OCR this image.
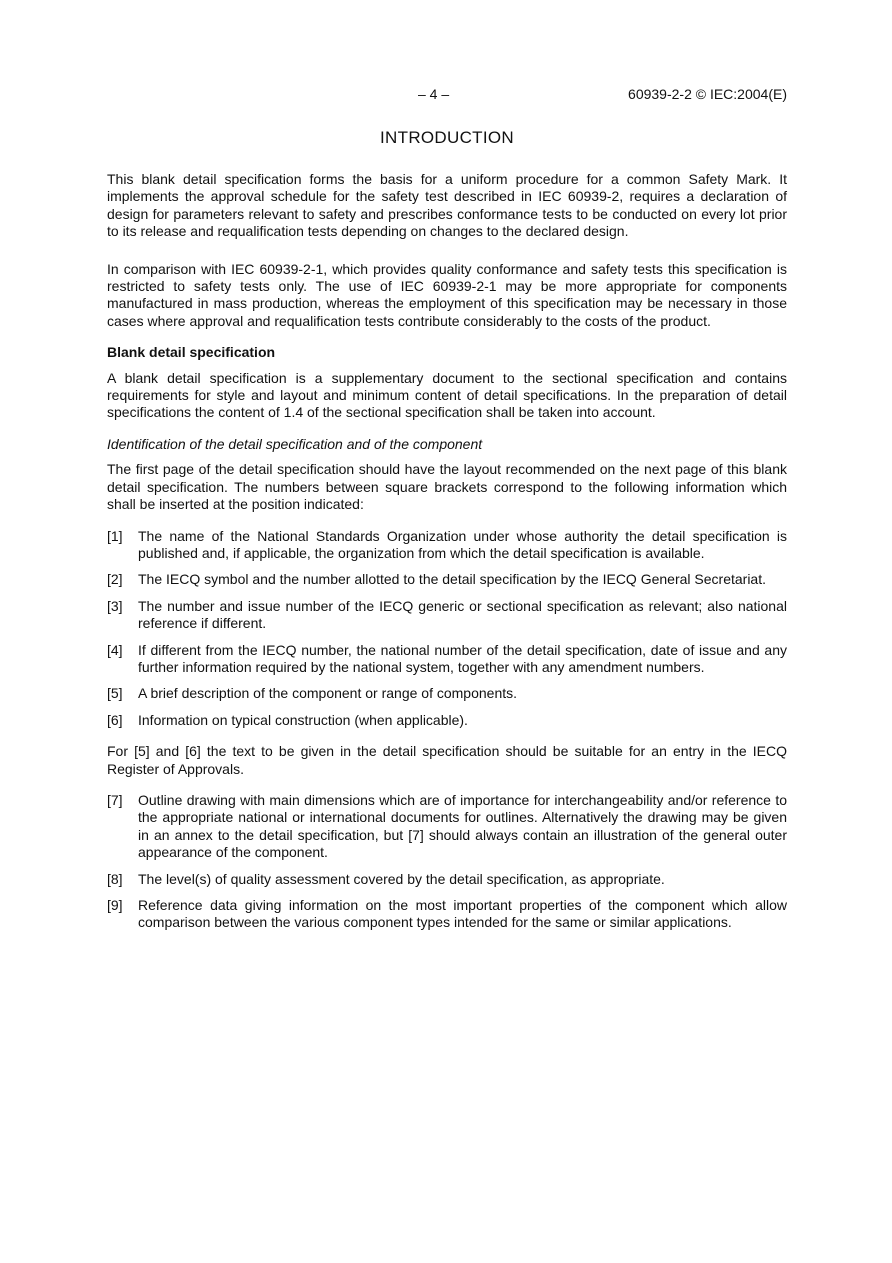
– 4 –	60939-2-2 © IEC:2004(E)
INTRODUCTION

This blank detail specification forms the basis for a uniform procedure for a common Safety Mark. It implements the approval schedule for the safety test described in IEC 60939-2, requires a declaration of design for parameters relevant to safety and prescribes conformance tests to be conducted on every lot prior to its release and requalification tests depending on changes to the declared design.

In comparison with IEC 60939-2-1, which provides quality conformance and safety tests this specification is restricted to safety tests only. The use of IEC 60939-2-1 may be more appropriate for components manufactured in mass production, whereas the employment of this specification may be necessary in those cases where approval and requalification tests contribute considerably to the costs of the product.

Blank detail specification

A blank detail specification is a supplementary document to the sectional specification and contains requirements for style and layout and minimum content of detail specifications. In the preparation of detail specifications the content of 1.4 of the sectional specification shall be taken into account.

Identification of the detail specification and of the component

The first page of the detail specification should have the layout recommended on the next page of this blank detail specification. The numbers between square brackets correspond to the following information which shall be inserted at the position indicated:

[1]	The name of the National Standards Organization under whose authority the detail specification is published and, if applicable, the organization from which the detail specification is available.
[2]	The IECQ symbol and the number allotted to the detail specification by the IECQ General Secretariat.
[3]	The number and issue number of the IECQ generic or sectional specification as relevant; also national reference if different.
[4]	If different from the IECQ number, the national number of the detail specification, date of issue and any further information required by the national system, together with any amendment numbers.
[5]	A brief description of the component or range of components.
[6]	Information on typical construction (when applicable).

For [5] and [6] the text to be given in the detail specification should be suitable for an entry in the IECQ Register of Approvals.

[7]	Outline drawing with main dimensions which are of importance for interchangeability and/or reference to the appropriate national or international documents for outlines. Alternatively the drawing may be given in an annex to the detail specification, but [7] should always contain an illustration of the general outer appearance of the component.
[8]	The level(s) of quality assessment covered by the detail specification, as appropriate.
[9]	Reference data giving information on the most important properties of the component which allow comparison between the various component types intended for the same or similar applications.
